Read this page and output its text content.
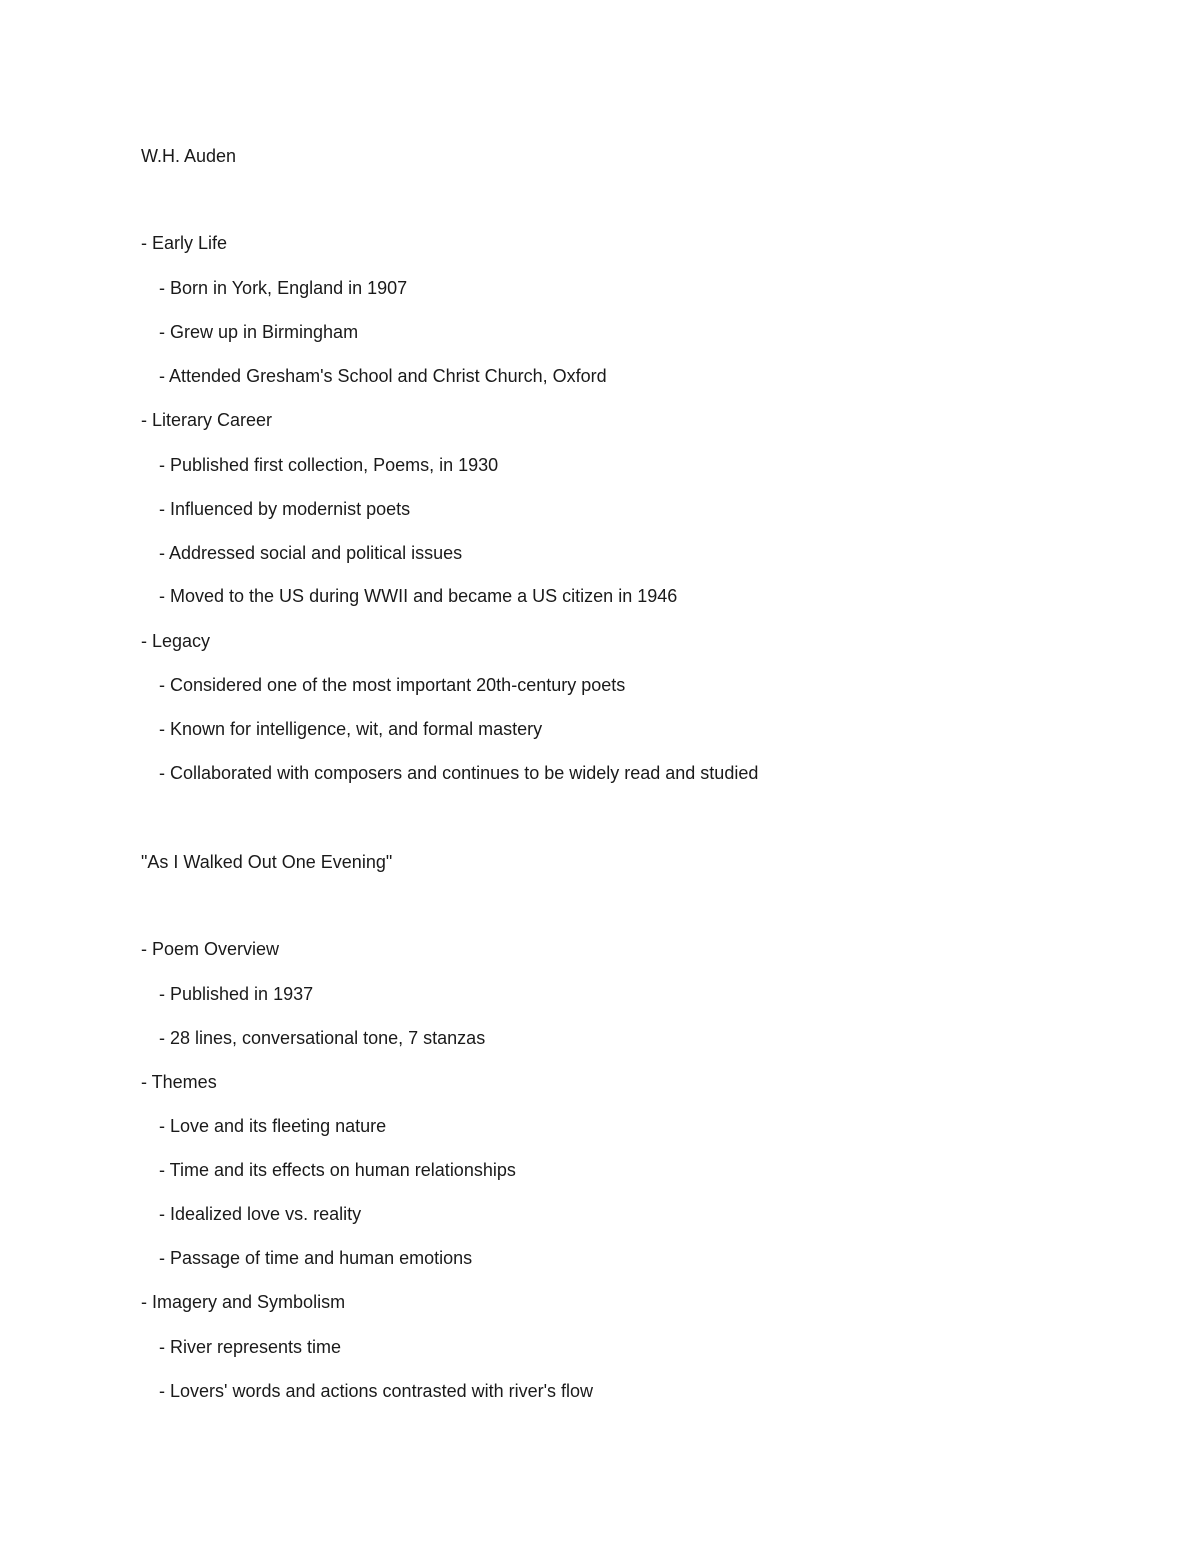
W.H. Auden

- Early Life

- Born in York, England in 1907

- Grew up in Birmingham

- Attended Gresham's School and Christ Church, Oxford

- Literary Career

- Published first collection, Poems, in 1930

- Influenced by modernist poets

- Addressed social and political issues

- Moved to the US during WWII and became a US citizen in 1946

- Legacy

- Considered one of the most important 20th-century poets

- Known for intelligence, wit, and formal mastery

- Collaborated with composers and continues to be widely read and studied

"As I Walked Out One Evening"

- Poem Overview

- Published in 1937

- 28 lines, conversational tone, 7 stanzas

- Themes

- Love and its fleeting nature

- Time and its effects on human relationships

- Idealized love vs. reality

- Passage of time and human emotions

- Imagery and Symbolism

- River represents time

- Lovers' words and actions contrasted with river's flow
